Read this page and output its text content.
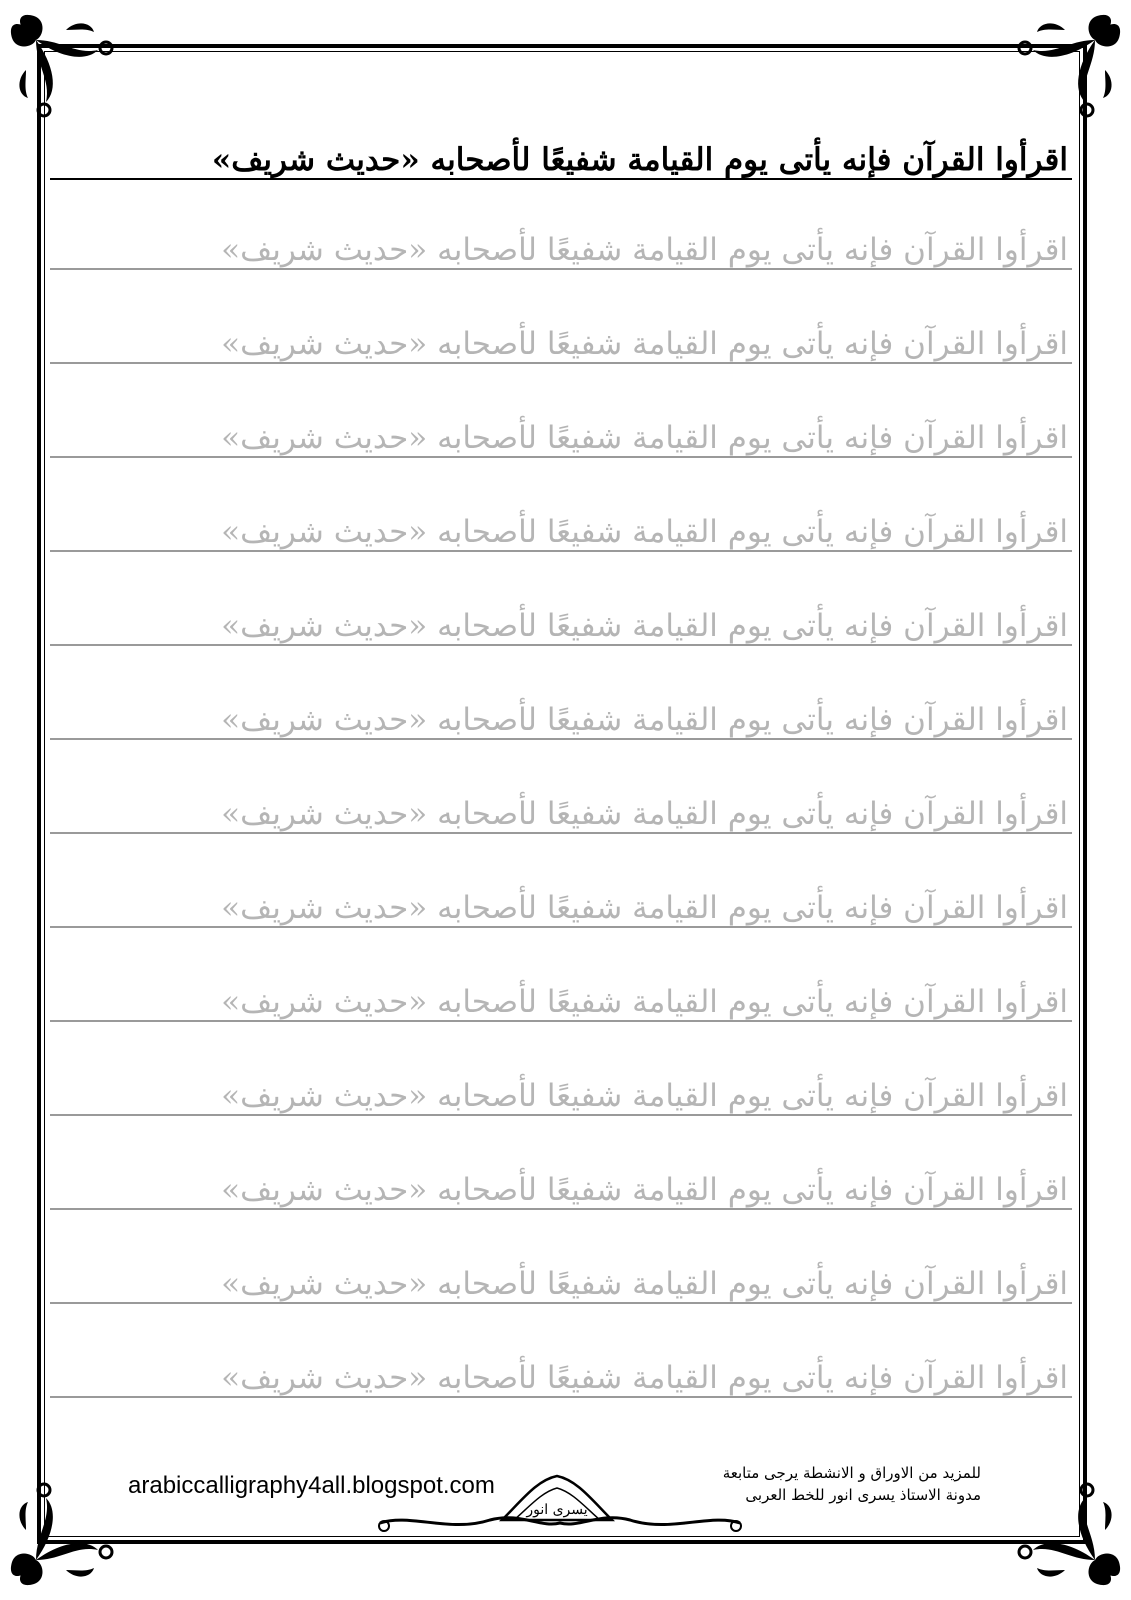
اقرأوا القرآن فإنه يأتى يوم القيامة شفيعًا لأصحابه «حديث شريف»
اقرأوا القرآن فإنه يأتى يوم القيامة شفيعًا لأصحابه «حديث شريف»
اقرأوا القرآن فإنه يأتى يوم القيامة شفيعًا لأصحابه «حديث شريف»
اقرأوا القرآن فإنه يأتى يوم القيامة شفيعًا لأصحابه «حديث شريف»
اقرأوا القرآن فإنه يأتى يوم القيامة شفيعًا لأصحابه «حديث شريف»
اقرأوا القرآن فإنه يأتى يوم القيامة شفيعًا لأصحابه «حديث شريف»
اقرأوا القرآن فإنه يأتى يوم القيامة شفيعًا لأصحابه «حديث شريف»
اقرأوا القرآن فإنه يأتى يوم القيامة شفيعًا لأصحابه «حديث شريف»
اقرأوا القرآن فإنه يأتى يوم القيامة شفيعًا لأصحابه «حديث شريف»
اقرأوا القرآن فإنه يأتى يوم القيامة شفيعًا لأصحابه «حديث شريف»
اقرأوا القرآن فإنه يأتى يوم القيامة شفيعًا لأصحابه «حديث شريف»
اقرأوا القرآن فإنه يأتى يوم القيامة شفيعًا لأصحابه «حديث شريف»
اقرأوا القرآن فإنه يأتى يوم القيامة شفيعًا لأصحابه «حديث شريف»
اقرأوا القرآن فإنه يأتى يوم القيامة شفيعًا لأصحابه «حديث شريف»
arabiccalligraphy4all.blogspot.com
يسرى انور
للمزيد من الاوراق و الانشطة يرجى متابعة
مدونة الاستاذ يسرى انور للخط العربى
